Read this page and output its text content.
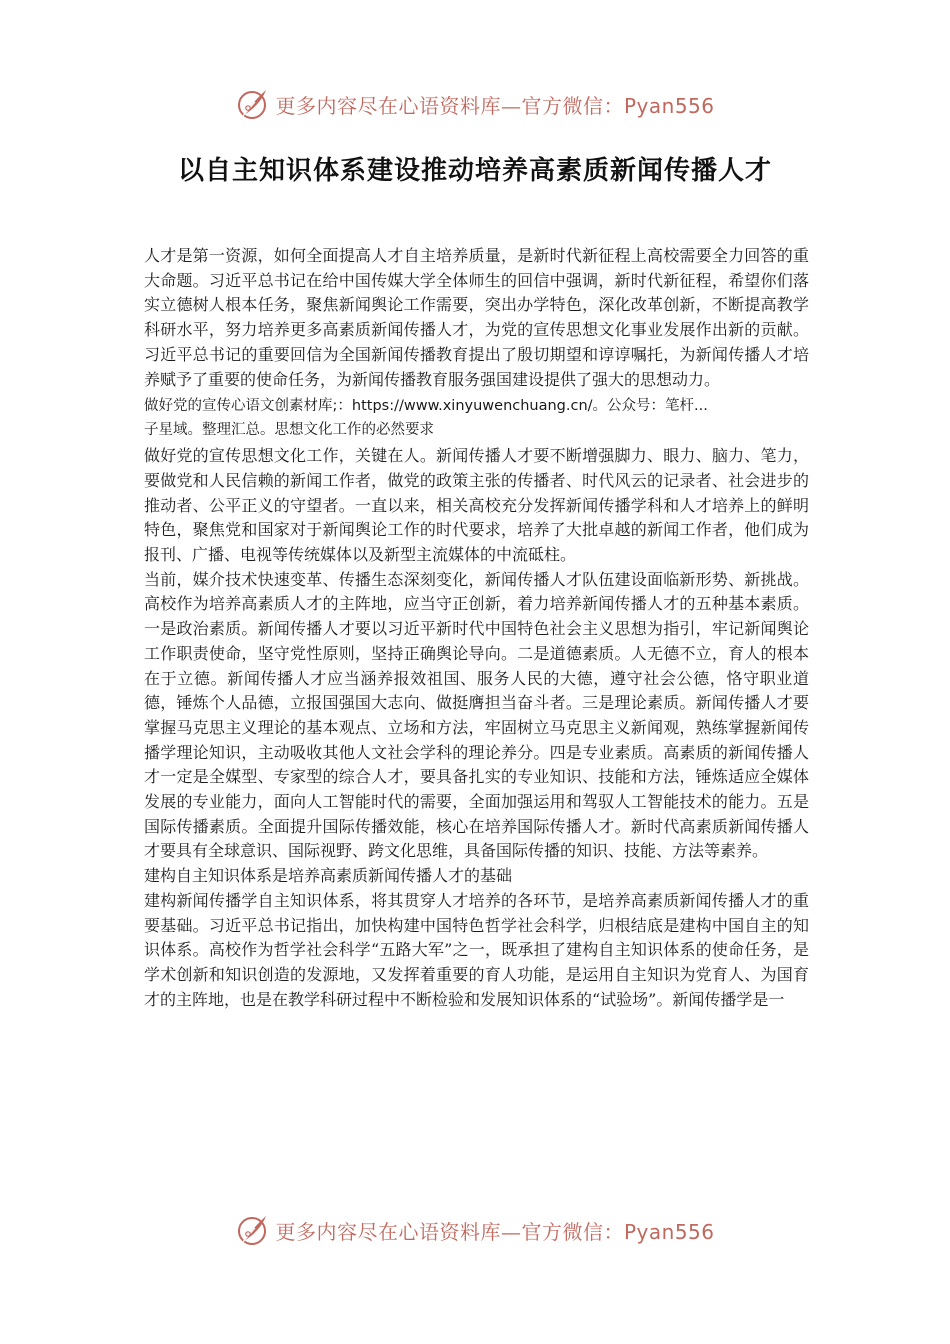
更多内容尽在心语资料库—官方微信：Pyan556
以自主知识体系建设推动培养高素质新闻传播人才

人才是第一资源，如何全面提高人才自主培养质量，是新时代新征程上高校需要全力回答的重大命题。习近平总书记在给中国传媒大学全体师生的回信中强调，新时代新征程，希望你们落实立德树人根本任务，聚焦新闻舆论工作需要，突出办学特色，深化改革创新，不断提高教学科研水平，努力培养更多高素质新闻传播人才，为党的宣传思想文化事业发展作出新的贡献。习近平总书记的重要回信为全国新闻传播教育提出了殷切期望和谆谆嘱托，为新闻传播人才培养赋予了重要的使命任务，为新闻传播教育服务强国建设提供了强大的思想动力。

做好党的宣传心语文创素材库;：https://www.xinyuwenchuang.cn/。公众号：笔杆...
子星域。整理汇总。思想文化工作的必然要求

做好党的宣传思想文化工作，关键在人。新闻传播人才要不断增强脚力、眼力、脑力、笔力，要做党和人民信赖的新闻工作者，做党的政策主张的传播者、时代风云的记录者、社会进步的推动者、公平正义的守望者。一直以来，相关高校充分发挥新闻传播学科和人才培养上的鲜明特色，聚焦党和国家对于新闻舆论工作的时代要求，培养了大批卓越的新闻工作者，他们成为报刊、广播、电视等传统媒体以及新型主流媒体的中流砥柱。

当前，媒介技术快速变革、传播生态深刻变化，新闻传播人才队伍建设面临新形势、新挑战。高校作为培养高素质人才的主阵地，应当守正创新，着力培养新闻传播人才的五种基本素质。一是政治素质。新闻传播人才要以习近平新时代中国特色社会主义思想为指引，牢记新闻舆论工作职责使命，坚守党性原则，坚持正确舆论导向。二是道德素质。人无德不立，育人的根本在于立德。新闻传播人才应当涵养报效祖国、服务人民的大德，遵守社会公德，恪守职业道德，锤炼个人品德，立报国强国大志向、做挺膺担当奋斗者。三是理论素质。新闻传播人才要掌握马克思主义理论的基本观点、立场和方法，牢固树立马克思主义新闻观，熟练掌握新闻传播学理论知识，主动吸收其他人文社会学科的理论养分。四是专业素质。高素质的新闻传播人才一定是全媒型、专家型的综合人才，要具备扎实的专业知识、技能和方法，锤炼适应全媒体发展的专业能力，面向人工智能时代的需要，全面加强运用和驾驭人工智能技术的能力。五是国际传播素质。全面提升国际传播效能，核心在培养国际传播人才。新时代高素质新闻传播人才要具有全球意识、国际视野、跨文化思维，具备国际传播的知识、技能、方法等素养。

建构自主知识体系是培养高素质新闻传播人才的基础

建构新闻传播学自主知识体系，将其贯穿人才培养的各环节，是培养高素质新闻传播人才的重要基础。习近平总书记指出，加快构建中国特色哲学社会科学，归根结底是建构中国自主的知识体系。高校作为哲学社会科学“五路大军”之一，既承担了建构自主知识体系的使命任务，是学术创新和知识创造的发源地，又发挥着重要的育人功能，是运用自主知识为党育人、为国育才的主阵地，也是在教学科研过程中不断检验和发展知识体系的“试验场”。新闻传播学是一

更多内容尽在心语资料库—官方微信：Pyan556
